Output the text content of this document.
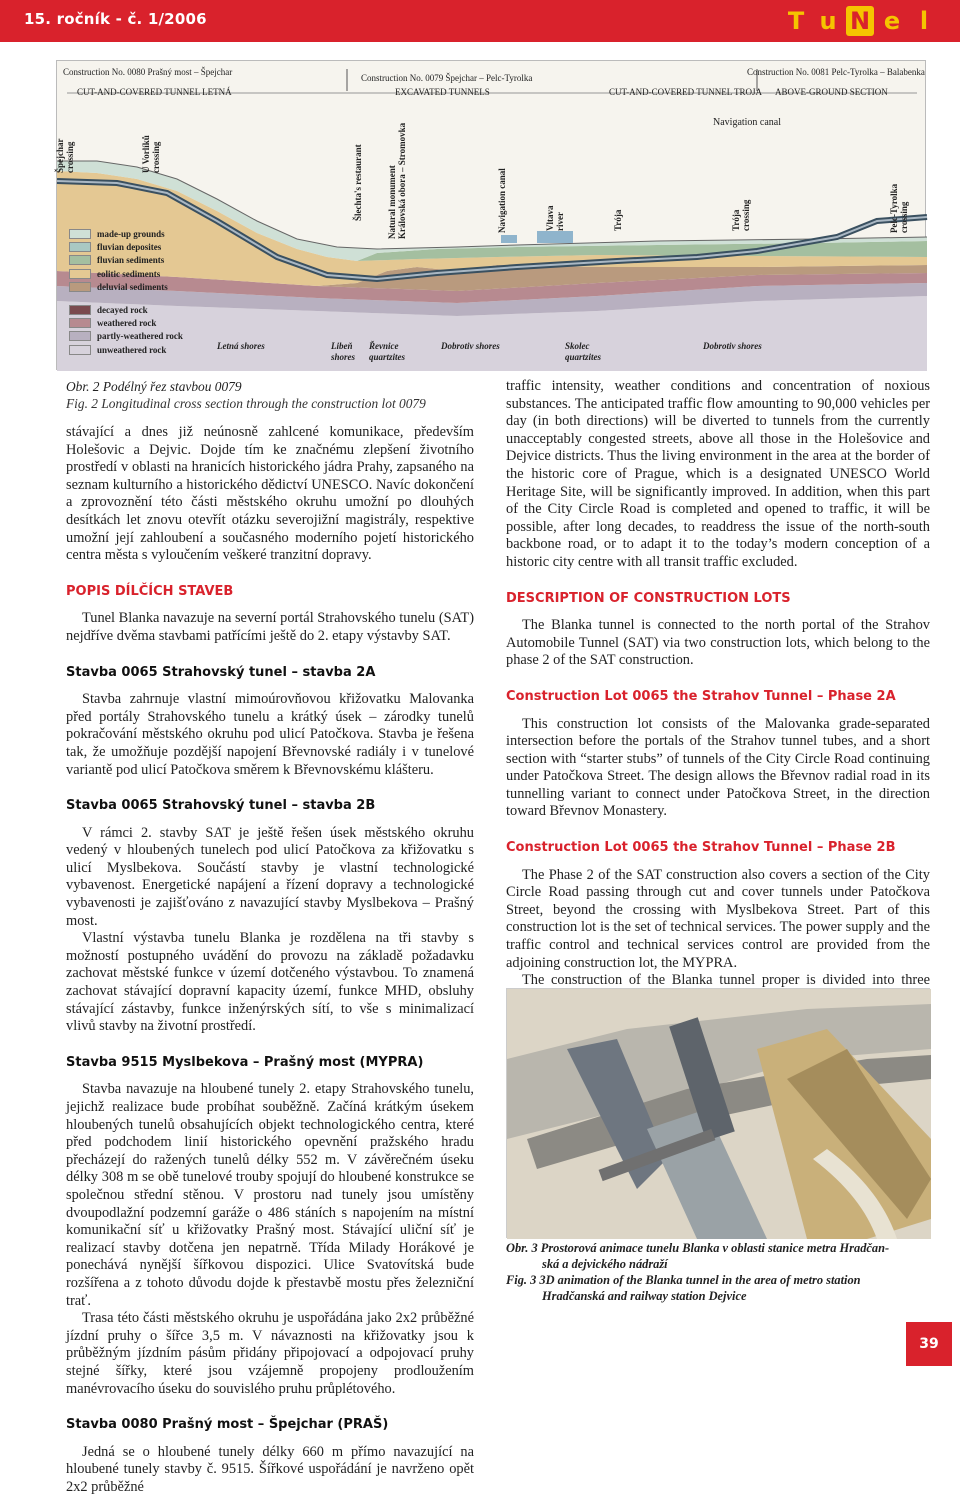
15. ročník - č. 1/2006	T u N e l
Construction No. 0080 Prašný most – Špejchar
Construction No. 0079 Špejchar – Pelc-Tyrolka
Construction No. 0081 Pelc-Tyrolka – Balabenka
CUT-AND-COVERED TUNNEL LETNÁ	EXCAVATED TUNNELS	CUT-AND-COVERED TUNNEL TROJA ABOVE-GROUND SECTION
Navigation canal
Špejchar crossing	U Vorlíků crossing	Šlechta's restaurant	Natural monument Královská obora – Stromovka	Navigation canal	Vltava river	Trója	Trója crossing	Pelc-Tyrolka crossing
made-up grounds
fluvian deposites
fluvian sediments
eolitic sediments
deluvial sediments
decayed rock
weathered rock
partly-weathered rock
unweathered rock	Letná shores	Libeň
shores
Řevnice
quartzites
Dobrotiv shores	Skolec
quartzites
Dobrotiv shores
Obr. 2 Podélný řez stavbou 0079
Fig. 2 Longitudinal cross section through the construction lot 0079

stávající a dnes již neúnosně zahlcené komunikace, především Holešovic a Dejvic. Dojde tím ke značnému zlepšení životního prostředí v oblasti na hranicích historického jádra Prahy, zapsaného na seznam kulturního a historického dědictví UNESCO. Navíc dokončení a zprovoznění této části městského okruhu umožní po dlouhých desítkách let znovu otevřít otázku severojižní magistrály, respektive umožní její zahloubení a současného moderního pojetí historického centra města s vyloučením veškeré tranzitní dopravy.

POPIS DÍLČÍCH STAVEB

Tunel Blanka navazuje na severní portál Strahovského tunelu (SAT) nejdříve dvěma stavbami patřícími ještě do 2. etapy výstavby SAT.

Stavba 0065 Strahovský tunel – stavba 2A

Stavba zahrnuje vlastní mimoúrovňovou křižovatku Malovanka před portály Strahovského tunelu a krátký úsek – zárodky tunelů pokračování městského okruhu pod ulicí Patočkova. Stavba je řešena tak, že umožňuje pozdější napojení Břevnovské radiály i v tunelové variantě pod ulicí Patočkova směrem k Břevnovskému klášteru.

Stavba 0065 Strahovský tunel – stavba 2B

V rámci 2. stavby SAT je ještě řešen úsek městského okruhu vedený v hloubených tunelech pod ulicí Patočkova za křižovatku s ulicí Myslbekova. Součástí stavby je vlastní technologické vybavenost. Energetické napájení a řízení dopravy a technologické vybavenosti je zajišťováno z navazující stavby Myslbekova – Prašný most.

Vlastní výstavba tunelu Blanka je rozdělena na tři stavby s možností postupného uvádění do provozu na základě požadavku zachovat městské funkce v území dotčeného výstavbou. To znamená zachovat stávající dopravní kapacity území, funkce MHD, obsluhy stávající zástavby, funkce inženýrských sítí, to vše s minimalizací vlivů stavby na životní prostředí.

Stavba 9515 Myslbekova – Prašný most (MYPRA)

Stavba navazuje na hloubené tunely 2. etapy Strahovského tunelu, jejichž realizace bude probíhat souběžně. Začíná krátkým úsekem hloubených tunelů obsahujících objekt technologického centra, které před podchodem linií historického opevnění pražského hradu přecházejí do ražených tunelů délky 552 m. V závěrečném úseku délky 308 m se obě tunelové trouby spojují do hloubené konstrukce se společnou střední stěnou. V prostoru nad tunely jsou umístěny dvoupodlažní podzemní garáže o 486 stáních s napojením na místní komunikační síť u křižovatky Prašný most. Stávající uliční síť je realizací stavby dotčena jen nepatrně. Třída Milady Horákové je ponechává nynější šířkovou dispozici. Ulice Svatovítská bude rozšířena a z tohoto důvodu dojde k přestavbě mostu přes železniční trať.

Trasa této části městského okruhu je uspořádána jako 2x2 průběžné jízdní pruhy o šířce 3,5 m. V návaznosti na křižovatky jsou k průběžným jízdním pásům přidány připojovací a odpojovací pruhy stejné šířky, které jsou vzájemně propojeny prodloužením manévrovacího úseku do souvislého pruhu průplétového.

Stavba 0080 Prašný most – Špejchar (PRAŠ)

Jedná se o hloubené tunely délky 660 m přímo navazující na hloubené tunely stavby č. 9515. Šířkové uspořádání je navrženo opět 2x2 průběžné

traffic intensity, weather conditions and concentration of noxious substances. The anticipated traffic flow amounting to 90,000 vehicles per day (in both directions) will be diverted to tunnels from the currently unacceptably congested streets, above all those in the Holešovice and Dejvice districts. Thus the living environment in the area at the border of the historic core of Prague, which is a designated UNESCO World Heritage Site, will be significantly improved. In addition, when this part of the City Circle Road is completed and opened to traffic, it will be possible, after long decades, to readdress the issue of the north-south backbone road, or to adapt it to the today’s modern conception of a historic city centre with all transit traffic excluded.

DESCRIPTION OF CONSTRUCTION LOTS

The Blanka tunnel is connected to the north portal of the Strahov Automobile Tunnel (SAT) via two construction lots, which belong to the phase 2 of the SAT construction.

Construction Lot 0065 the Strahov Tunnel – Phase 2A

This construction lot consists of the Malovanka grade-separated intersection before the portals of the Strahov tunnel tubes, and a short section with “starter stubs” of tunnels of the City Circle Road continuing under Patočkova Street. The design allows the Břevnov radial road in its tunnelling variant to connect under Patočkova Street, in the direction toward Břevnov Monastery.

Construction Lot 0065 the Strahov Tunnel – Phase 2B

The Phase 2 of the SAT construction also covers a section of the City Circle Road passing through cut and cover tunnels under Patočkova Street, beyond the crossing with Myslbekova Street. Part of this construction lot is the set of technical services. The power supply and the traffic control and technical services control are provided from the adjoining construction lot, the MYPRA.

The construction of the Blanka tunnel proper is divided into three

Obr. 3 Prostorová animace tunelu Blanka v oblasti stanice metra Hradčan-
ská a dejvického nádraží
Fig. 3 3D animation of the Blanka tunnel in the area of metro station
Hradčanská and railway station Dejvice
39
